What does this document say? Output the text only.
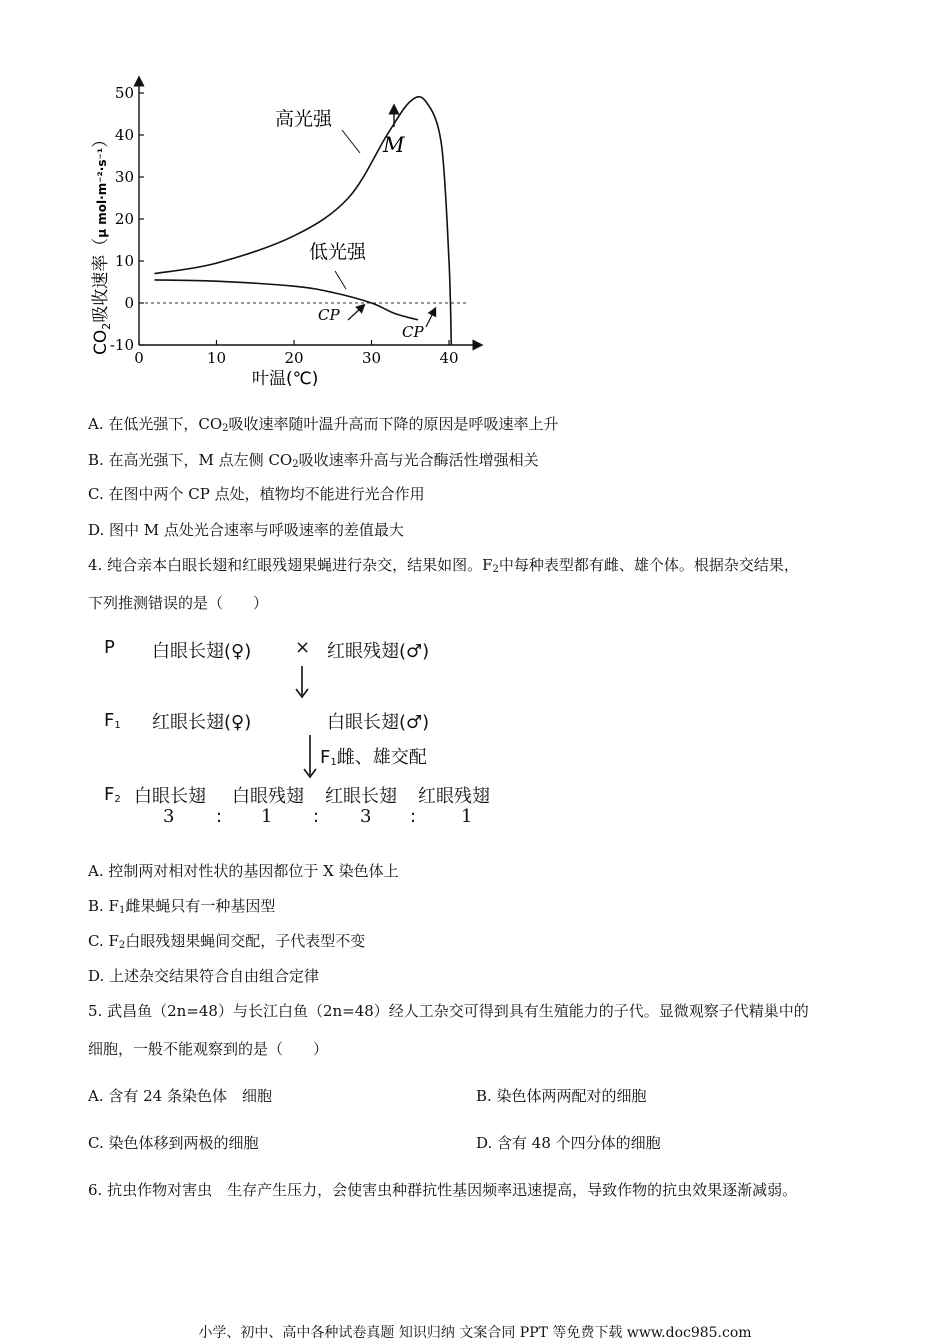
50
40
30
20
10
0
-10
0	10	20	30	40
高光强
低光强
M
CP
CP
叶温(℃)
$CO_2$吸收速率（μ mol·m⁻²·s⁻¹）
A. 在低光强下，$CO_2$吸收速率随叶温升高而下降的原因是呼吸速率上升
B. 在高光强下，M 点左侧 $CO_2$吸收速率升高与光合酶活性增强相关
C. 在图中两个 CP 点处，植物均不能进行光合作用
D. 图中 M 点处光合速率与呼吸速率的差值最大
4. 纯合亲本白眼长翅和红眼残翅果蝇进行杂交，结果如图。$F_2$中每种表型都有雌、雄个体。根据杂交结果，
下列推测错误的是（　　）
P 白眼长翅(♀) × 红眼残翅(♂)
$F_1$ 红眼长翅(♀)	白眼长翅(♂)
$F_1$雌、雄交配
$F_2$ 白眼长翅 白眼残翅 红眼长翅 红眼残翅
3 : 1 : 3 : 1
A. 控制两对相对性状的基因都位于 X 染色体上
B. $F_1$雌果蝇只有一种基因型
C. $F_2$白眼残翅果蝇间交配，子代表型不变
D. 上述杂交结果符合自由组合定律
5. 武昌鱼（2n=48）与长江白鱼（2n=48）经人工杂交可得到具有生殖能力的子代。显微观察子代精巢中的
细胞，一般不能观察到的是（　　）
A. 含有 24 条染色体　细胞	B. 染色体两两配对的细胞
C. 染色体移到两极的细胞	D. 含有 48 个四分体的细胞
6. 抗虫作物对害虫　生存产生压力，会使害虫种群抗性基因频率迅速提高，导致作物的抗虫效果逐渐减弱。
小学、初中、高中各种试卷真题 知识归纳 文案合同 PPT 等免费下载 www.doc985.com
